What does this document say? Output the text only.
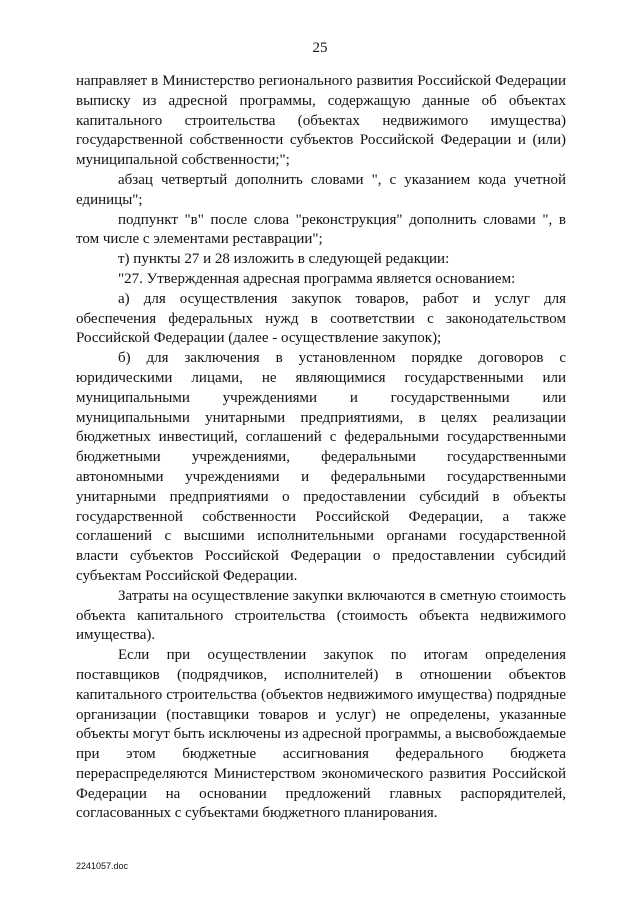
25

направляет в Министерство регионального развития Российской Федерации выписку из адресной программы, содержащую данные об объектах капитального строительства (объектах недвижимого имущества) государственной собственности субъектов Российской Федерации и (или) муниципальной собственности;";

абзац четвертый дополнить словами ", с указанием кода учетной единицы";

подпункт "в" после слова "реконструкция" дополнить словами ", в том числе с элементами реставрации";

т) пункты 27 и 28 изложить в следующей редакции:

"27. Утвержденная адресная программа является основанием:

а) для осуществления закупок товаров, работ и услуг для обеспечения федеральных нужд в соответствии с законодательством Российской Федерации (далее - осуществление закупок);

б) для заключения в установленном порядке договоров с юридическими лицами, не являющимися государственными или муниципальными учреждениями и государственными или муниципальными унитарными предприятиями, в целях реализации бюджетных инвестиций, соглашений с федеральными государственными бюджетными учреждениями, федеральными государственными автономными учреждениями и федеральными государственными унитарными предприятиями о предоставлении субсидий в объекты государственной собственности Российской Федерации, а также соглашений с высшими исполнительными органами государственной власти субъектов Российской Федерации о предоставлении субсидий субъектам Российской Федерации.

Затраты на осуществление закупки включаются в сметную стоимость объекта капитального строительства (стоимость объекта недвижимого имущества).

Если при осуществлении закупок по итогам определения поставщиков (подрядчиков, исполнителей) в отношении объектов капитального строительства (объектов недвижимого имущества) подрядные организации (поставщики товаров и услуг) не определены, указанные объекты могут быть исключены из адресной программы, а высвобождаемые при этом бюджетные ассигнования федерального бюджета перераспределяются Министерством экономического развития Российской Федерации на основании предложений главных распорядителей, согласованных с субъектами бюджетного планирования.

2241057.doc
